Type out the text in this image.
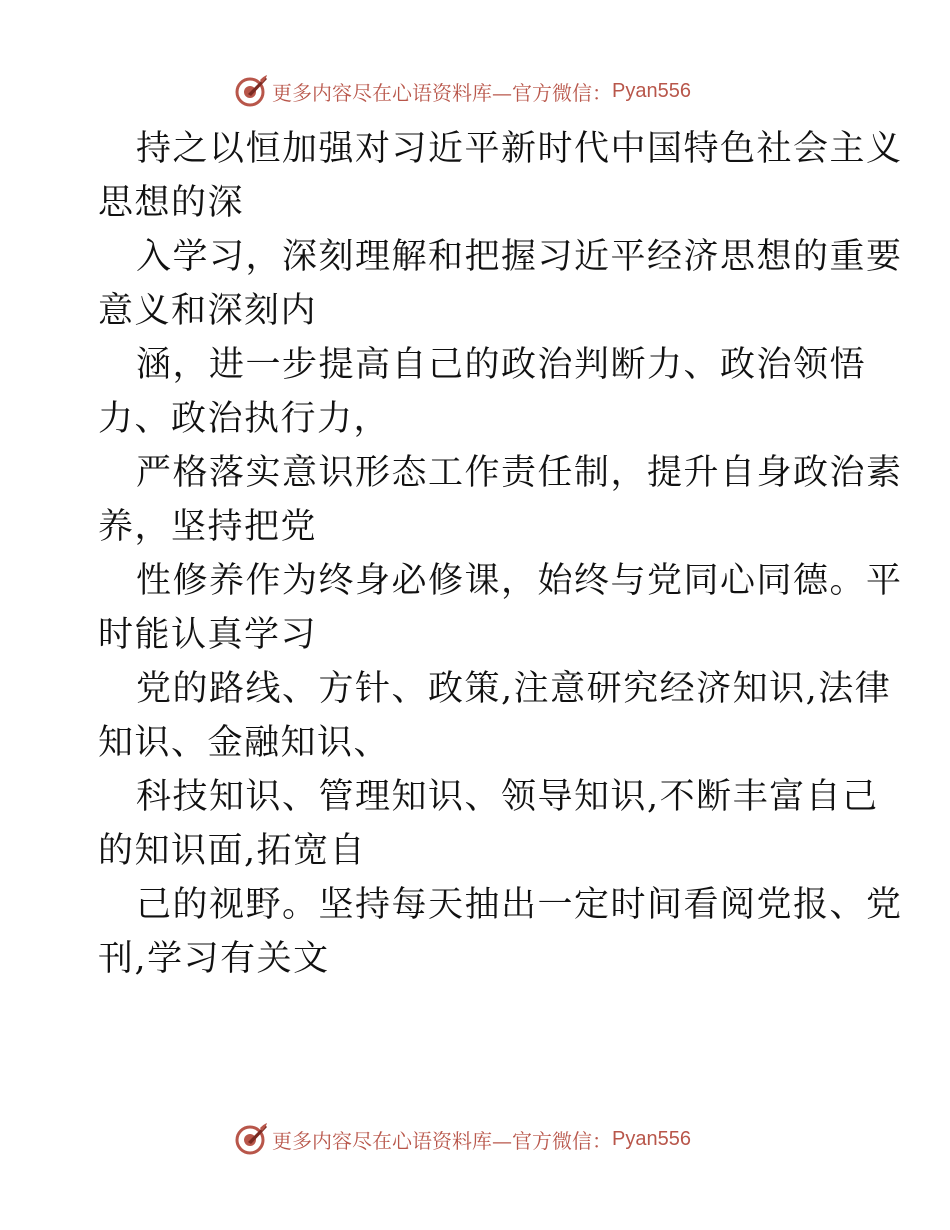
更多内容尽在心语资料库—官方微信： Pyan556
持之以恒加强对习近平新时代中国特色社会主义
思想的深
入学习，深刻理解和把握习近平经济思想的重要
意义和深刻内
涵，进一步提高自己的政治判断力、政治领悟
力、政治执行力，
严格落实意识形态工作责任制，提升自身政治素
养，坚持把党
性修养作为终身必修课，始终与党同心同德。平
时能认真学习
党的路线、方针、政策,注意研究经济知识,法律
知识、金融知识、
科技知识、管理知识、领导知识,不断丰富自己
的知识面,拓宽自
己的视野。坚持每天抽出一定时间看阅党报、党
刊,学习有关文
更多内容尽在心语资料库—官方微信： Pyan556
